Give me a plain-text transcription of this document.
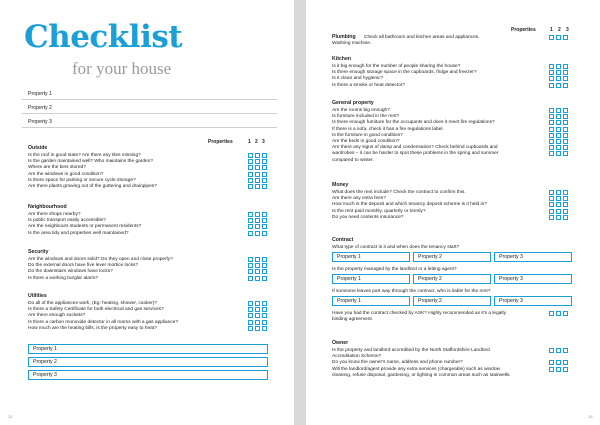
Checklist
for your house
Property 1
Property 2
Property 3
Properties	1 2 3
Outside
Is the roof in good state? Are there any tiles missing?
Is the garden maintained well? Who maintains the garden?
Where are the bins stored?
Are the windows in good condition?
Is there space for parking or secure cycle storage?
Are there plants growing out of the guttering and drainpipes?
Neighbourhood
Are there shops nearby?
Is public transport easily accessible?
Are the neighbours students or permanent residents?
Is the area tidy and properties well maintained?
Security
Are the windows and doors solid? Do they open and close properly?
Do the external doors have five lever mortice locks?
Do the downstairs windows have locks?
Is there a working burglar alarm?
Utilities
Do all of the appliances work, (Eg: heating, shower, cooker)?
Is there a Safety Certificate for both electrical and gas services?
Are there enough sockets?
Is there a carbon monoxide detector in all rooms with a gas appliance?
How much are the heating bills, is the property easy to heat?
Property 1
Property 2
Property 3
12
Properties	1 2 3
Plumbing Check all bathroom and kitchen areas and appliances.
Washing machine.
Kitchen
Is it big enough for the number of people sharing the house?
Is there enough storage space in the cupboards, fridge and freezer?
Is it clean and hygienic?
Is there a smoke or heat detector?
General property
Are the rooms big enough?
Is furniture included in the rent?
Is there enough furniture for the occupants and does it meet fire regulations?
If there is a sofa, check it has a fire regulations label.
Is the furniture in good condition?
Are the beds in good condition?
Are there any signs of damp and condensation? Check behind cupboards and
wardrobes – it can be harder to spot these problems in the spring and summer
compared to winter.
Money
What does the rent include? Check the contract to confirm this.
Are there any extra fees?
How much is the deposit and which tenancy deposit scheme is it held in?
Is the rent paid monthly, quarterly or termly?
Do you need contents insurance?
Contract
What type of contract is it and when does the tenancy start?
Property 1	Property 2	Property 3
Is the property managed by the landlord or a letting agent?
Property 1	Property 2	Property 3
If someone leaves part way through the contract, who is liable for the rent?
Property 1	Property 2	Property 3
Have you had the contract checked by ASK? Highly recommended as it's a legally
binding agreement.
Owner
Is the property and landlord accredited by the North Staffordshire Landlord
Accreditation Scheme?
Do you know the owner's name, address and phone number?
Will the landlord/agent provide any extra services (chargeable) such as window
cleaning, refuse disposal, gardening, or lighting in common areas such as stairwells.
13
